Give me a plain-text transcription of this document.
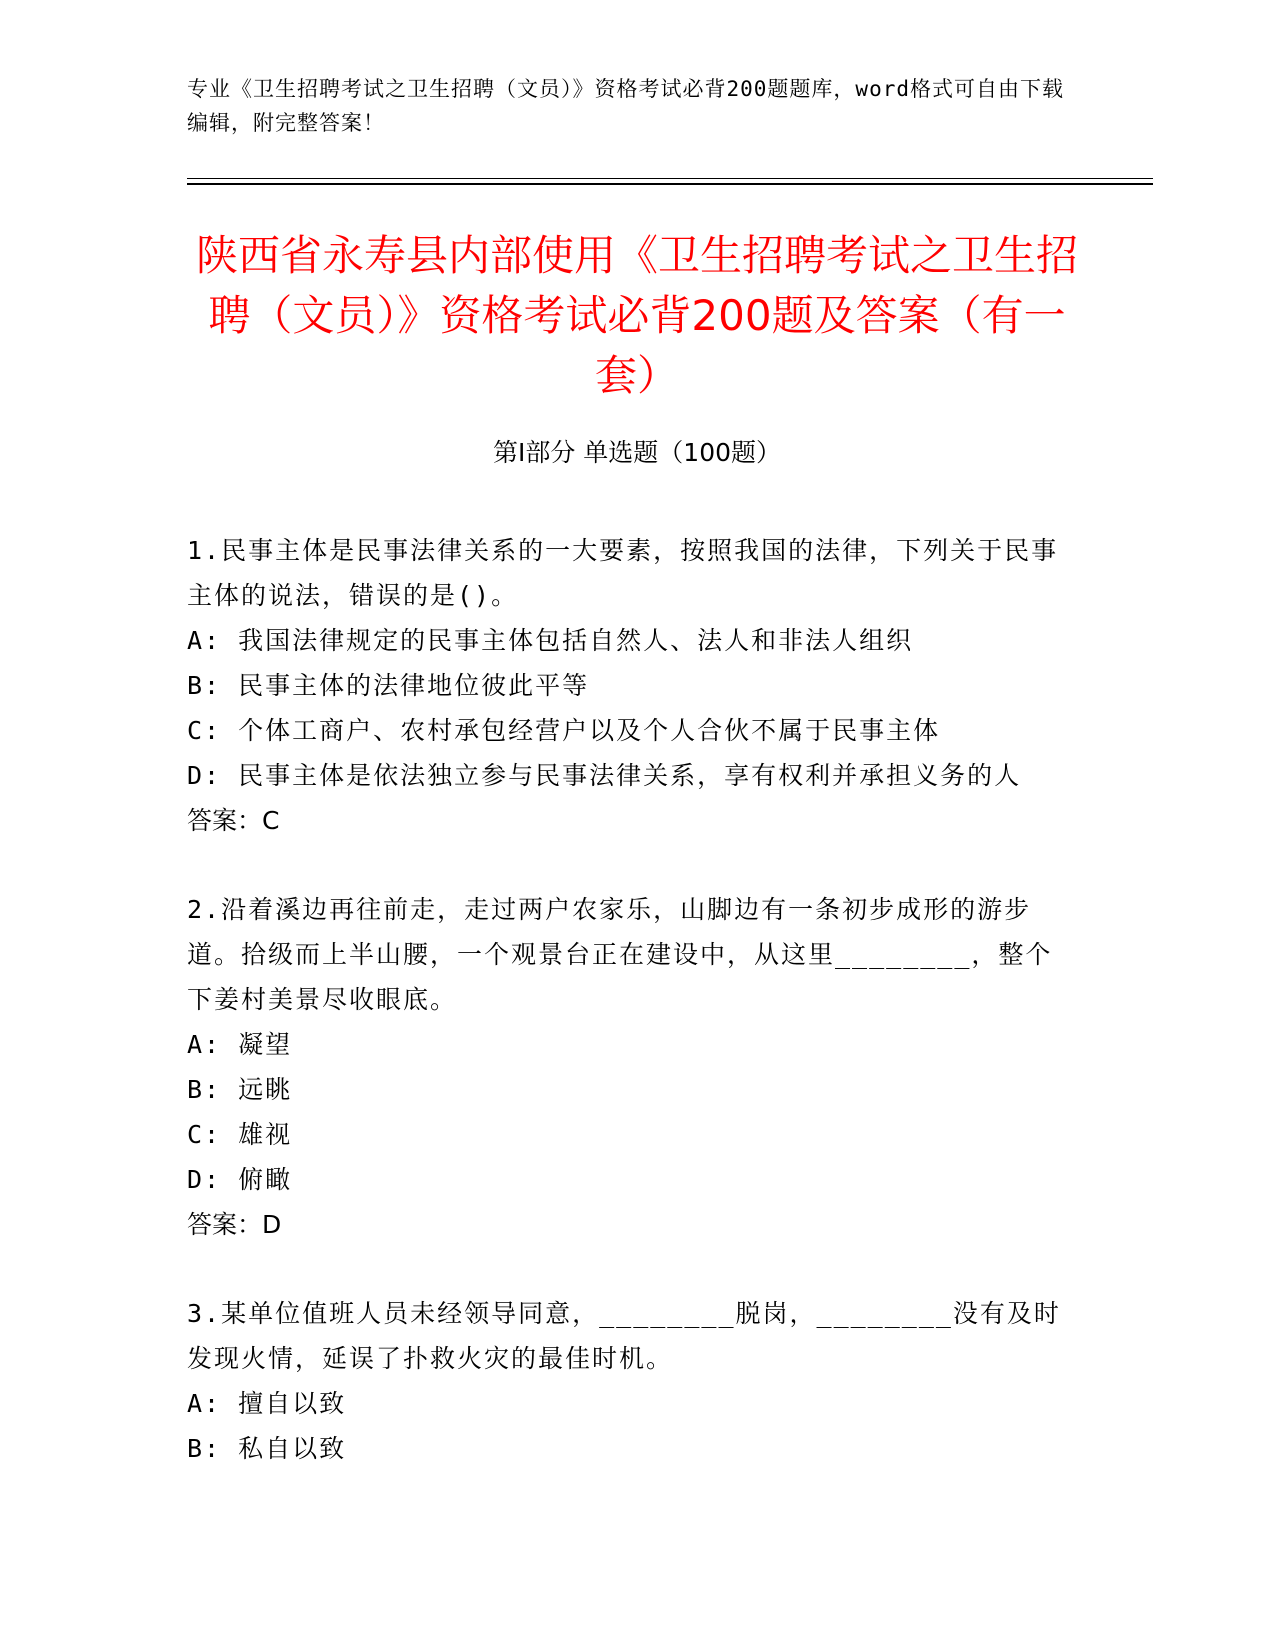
专业《卫生招聘考试之卫生招聘（文员）》资格考试必背200题题库，word格式可自由下载编辑，附完整答案！
陕西省永寿县内部使用《卫生招聘考试之卫生招聘（文员）》资格考试必背200题及答案（有一套）
第I部分 单选题（100题）

1.民事主体是民事法律关系的一大要素，按照我国的法律，下列关于民事主体的说法，错误的是()。

A: 我国法律规定的民事主体包括自然人、法人和非法人组织

B: 民事主体的法律地位彼此平等

C: 个体工商户、农村承包经营户以及个人合伙不属于民事主体

D: 民事主体是依法独立参与民事法律关系，享有权利并承担义务的人

答案：C

2.沿着溪边再往前走，走过两户农家乐，山脚边有一条初步成形的游步道。拾级而上半山腰，一个观景台正在建设中，从这里________，整个下姜村美景尽收眼底。

A: 凝望

B: 远眺

C: 雄视

D: 俯瞰

答案：D

3.某单位值班人员未经领导同意，________脱岗，________没有及时发现火情，延误了扑救火灾的最佳时机。

A: 擅自以致

B: 私自以致
